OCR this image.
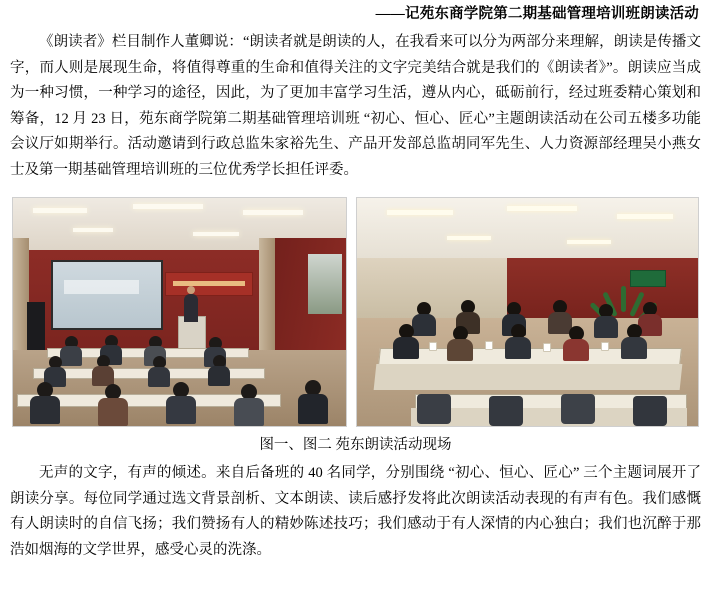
——记苑东商学院第二期基础管理培训班朗读活动
《朗读者》栏目制作人董卿说：“朗读者就是朗读的人，在我看来可以分为两部分来理解，朗读是传播文字，而人则是展现生命，将值得尊重的生命和值得关注的文字完美结合就是我们的《朗读者》”。朗读应当成为一种习惯，一种学习的途径，因此，为了更加丰富学习生活，遵从内心，砥砺前行，经过班委精心策划和筹备，12 月 23 日，苑东商学院第二期基础管理培训班 “初心、恒心、匠心”主题朗读活动在公司五楼多功能会议厅如期举行。活动邀请到行政总监朱家裕先生、产品开发部总监胡同军先生、人力资源部经理吴小燕女士及第一期基础管理培训班的三位优秀学长担任评委。
图一、图二 苑东朗读活动现场
无声的文字，有声的倾述。来自后备班的 40 名同学，分别围绕 “初心、恒心、匠心” 三个主题词展开了朗读分享。每位同学通过选文背景剖析、文本朗读、读后感抒发将此次朗读活动表现的有声有色。我们感慨有人朗读时的自信飞扬；我们赞扬有人的精妙陈述技巧；我们感动于有人深情的内心独白；我们也沉醉于那浩如烟海的文学世界，感受心灵的洗涤。
